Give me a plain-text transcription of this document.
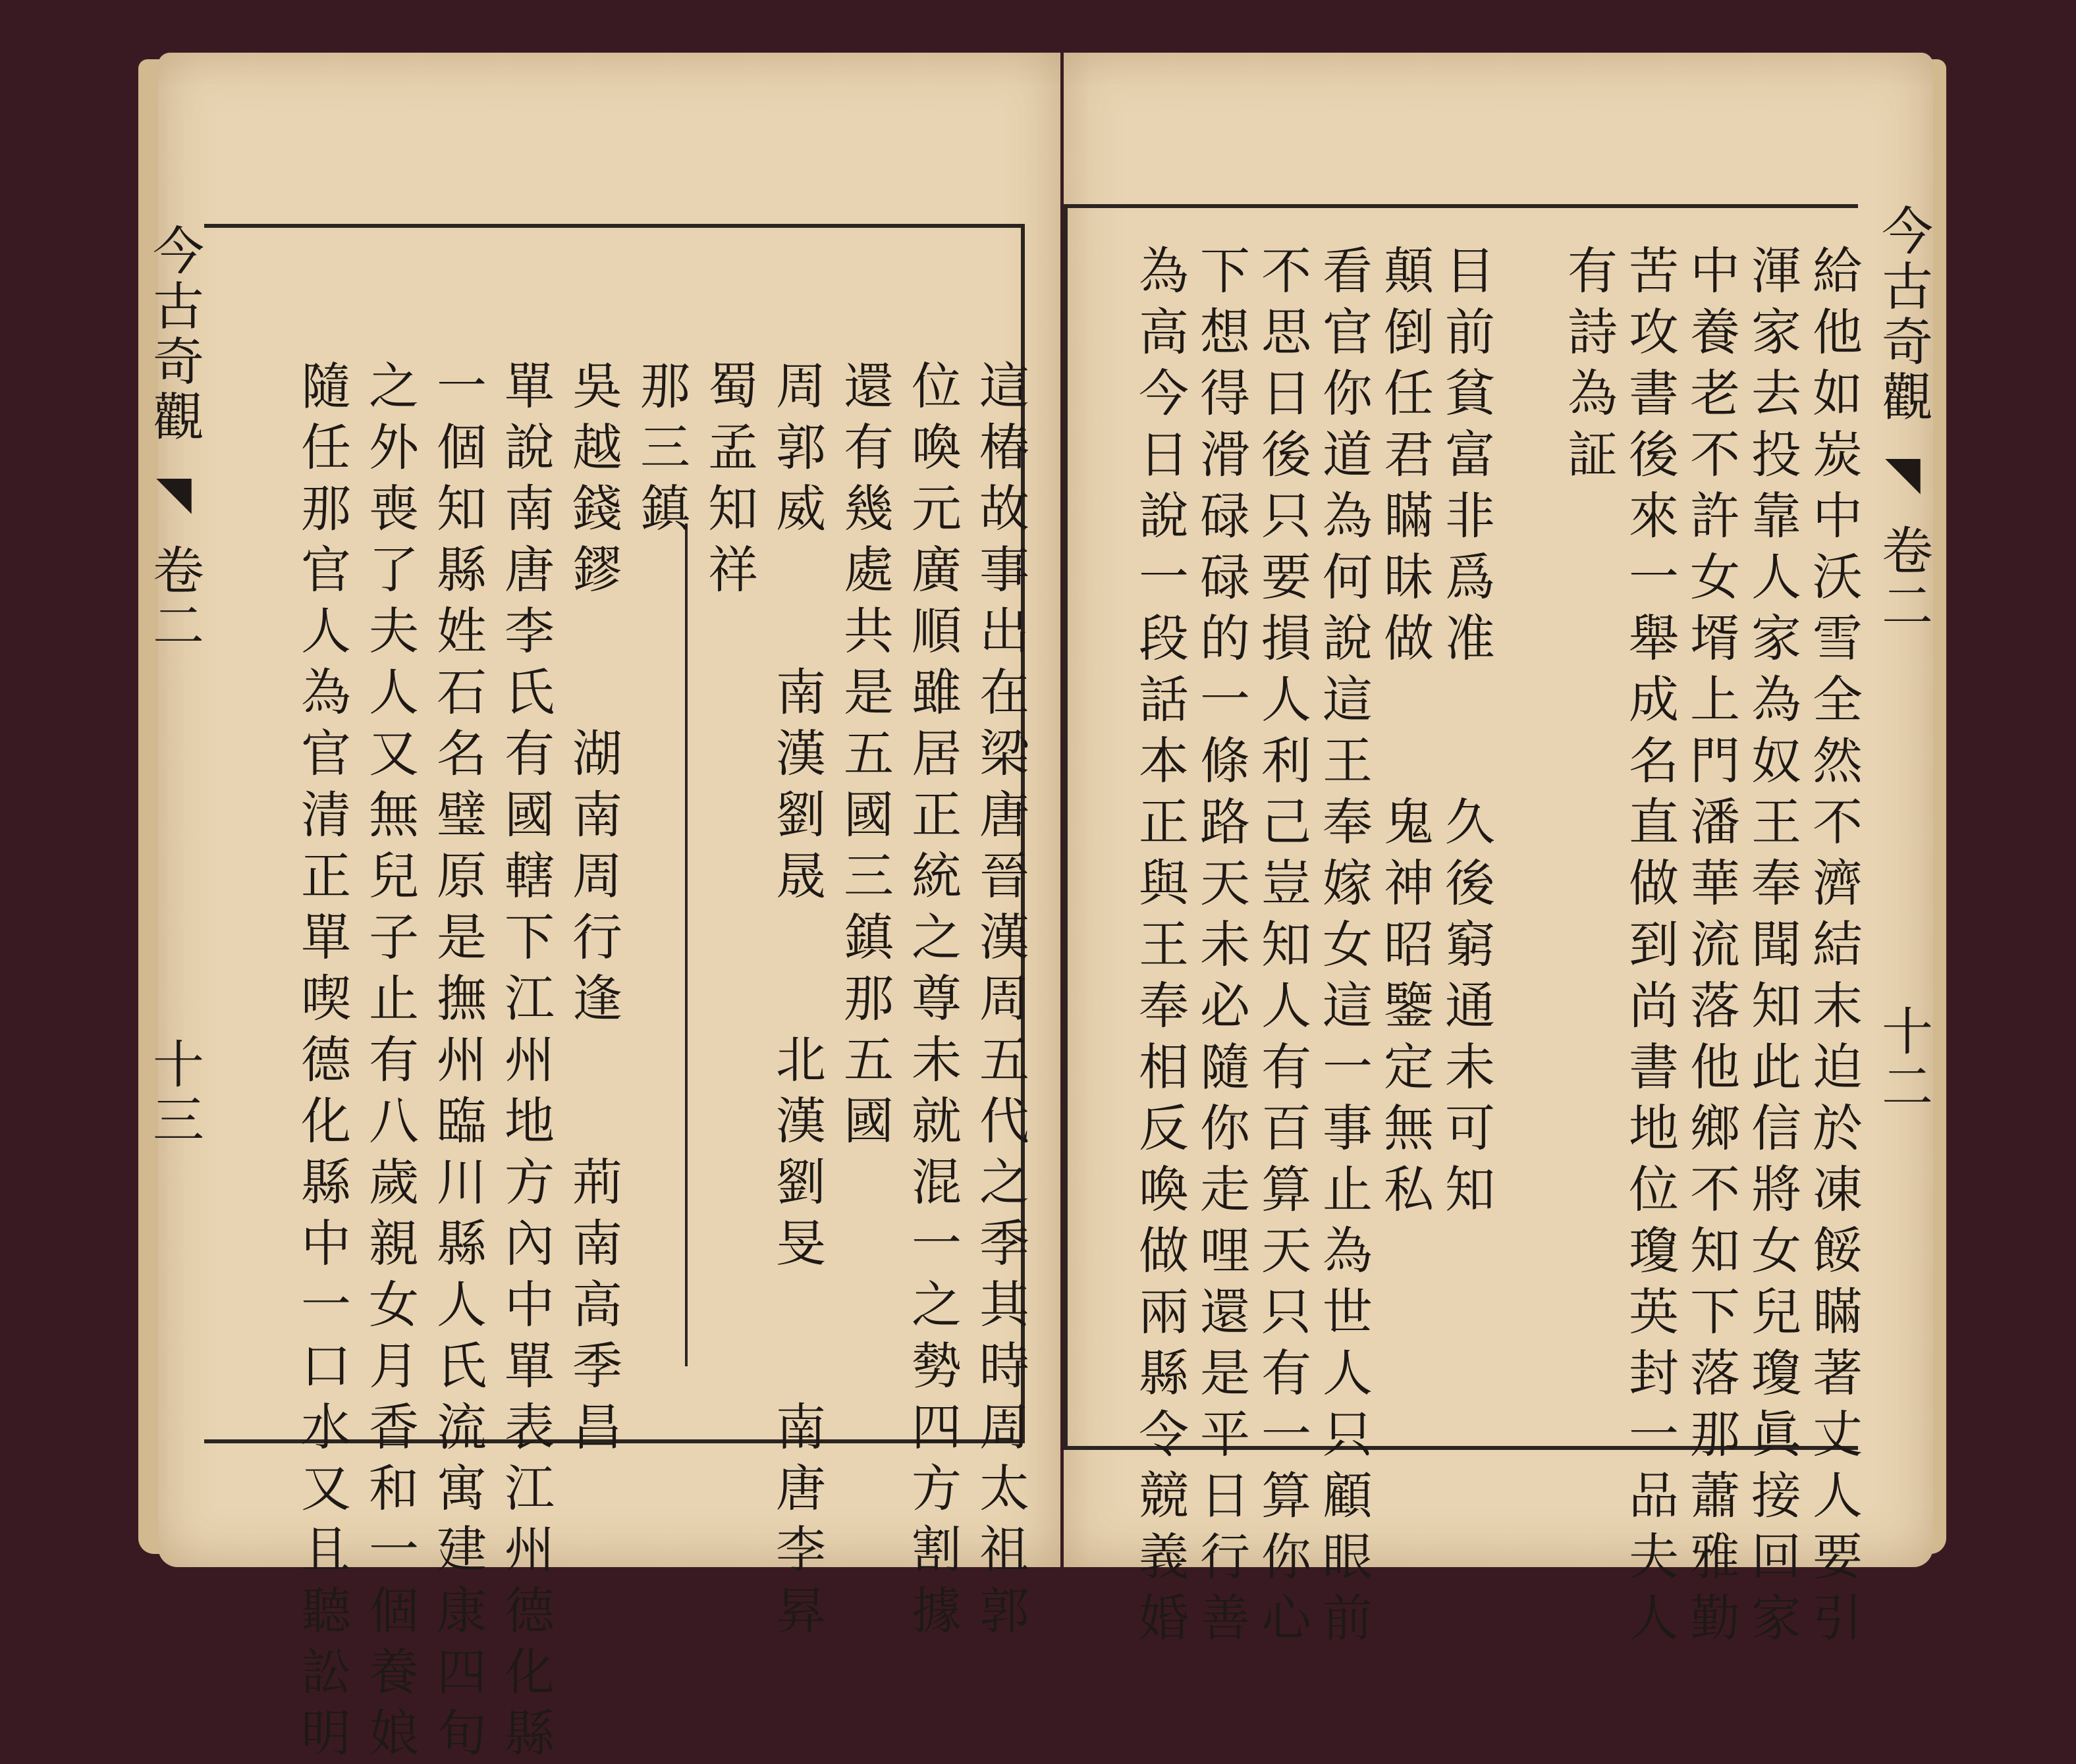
今古奇觀 ◥ 卷二  十二
今古奇觀 ◥ 卷二  十三
給
他
如
炭
中
沃
雪
全
然
不
濟
結
末
迫
於
凍
餒
瞞
著
丈
人
要
引
渾
家
去
投
靠
人
家
為
奴
王
奉
聞
知
此
信
將
女
兒
瓊
眞
接
回
家
中
養
老
不
許
女
壻
上
門
潘
華
流
落
他
鄉
不
知
下
落
那
蕭
雅
勤
苦
攻
書
後
來
一
舉
成
名
直
做
到
尚
書
地
位
瓊
英
封
一
品
夫
人
有
詩
為
証
目
前
貧
富
非
爲
准

久
後
窮
通
未
可
知
顛
倒
任
君
瞞
昧
做

鬼
神
昭
鑒
定
無
私
看
官
你
道
為
何
說
這
王
奉
嫁
女
這
一
事
止
為
世
人
只
顧
眼
前
不
思
日
後
只
要
損
人
利
己
豈
知
人
有
百
算
天
只
有
一
算
你
心
下
想
得
滑
碌
碌
的
一
條
路
天
未
必
隨
你
走
哩
還
是
平
日
行
善
為
高
今
日
說
一
段
話
本
正
與
王
奉
相
反
喚
做
兩
縣
令
競
義
婚
這
椿
故
事
出
在
梁
唐
晉
漢
周
五
代
之
季
其
時
周
太
祖
郭
位
喚
元
廣
順
雖
居
正
統
之
尊
未
就
混
一
之
勢
四
方
割
據
還
有
幾
處
共
是
五
國
三
鎮
那
五
國
周
郭
威

南
漢
劉
晟

北
漢
劉
旻

南
唐
李
昪
蜀
孟
知
祥
那
三
鎮
吳
越
錢
鏐

湖
南
周
行
逢

荊
南
高
季
昌
單
說
南
唐
李
氏
有
國
轄
下
江
州
地
方
內
中
單
表
江
州
德
化
縣
一
個
知
縣
姓
石
名
璧
原
是
撫
州
臨
川
縣
人
氏
流
寓
建
康
四
旬
之
外
喪
了
夫
人
又
無
兒
子
止
有
八
歲
親
女
月
香
和
一
個
養
娘
隨
任
那
官
人
為
官
清
正
單
喫
德
化
縣
中
一
口
水
又
且
聽
訟
明
